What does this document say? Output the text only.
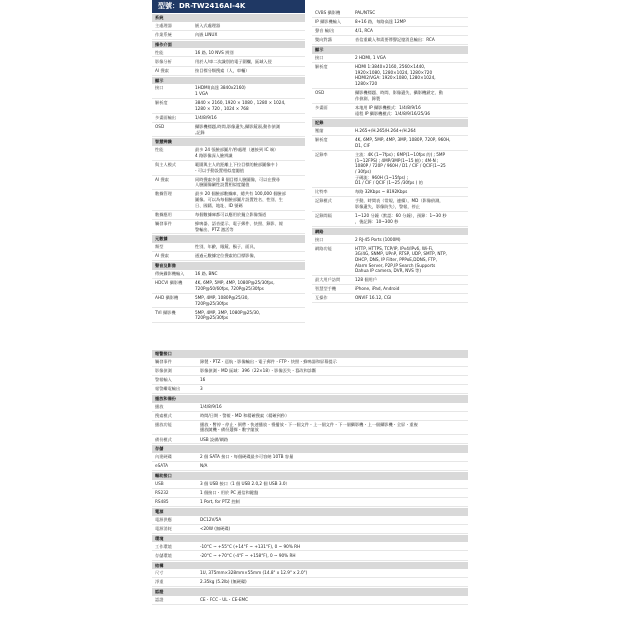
型號：DR-TW2416AI-4K
系統
主處理器	嵌入式處理器
作業系統	內嵌 LINUX
操作介面
性能	16 路, 10 NVS 辨別
影像分析	用於人/車二次識別的電子圍欄，區域入侵
AI 搜索	按目標分類搜索（人，車輛）
顯示
接口	1HDMI(高達 3840x2160)
1 VGA
解析度	3840 × 2160, 1920 × 1080 , 1280 × 1024,
1280 × 720 , 1024 × 768
多畫面輸出	1/4/8/9/16
OSD	攝影機標題,時間,影像遺失,攝影鏡頭,動作偵測
,記錄
智慧辨識
性能	最多 24 張臉部圖片/秒處理（連接到 IC 端）
4 路影像深入臉辨識
與主人模式	範圍與主人的距離上下拉目標的臉部圖像中 )
- 可以手動設置相似度閾值
AI 搜索	同時搜索多達 8 個目標人臉圖像，可以在搜尋
人臉圖像屬性設置相似度閾值
數據管理	最多 20 個臉部數據庫，總共有 100,000 個臉部
圖像。可以為每個臉部圖片設置姓名、性別、生
日、國籍、地址、ID 號碼
數據應用	每個數據庫都可以應用於獨立影像頻道
觸發事件	蜂鳴器、語音提示、電子郵件、快照、錄影、報
警輸出、PTZ 激活等
元數據
類型	性別，年齡，眼鏡，鬍子，面具，
AI 搜索	通過元數據定位搜索的目標影像，
聲音及影像
傳統攝影機輸入	16 路, BNC
HDCVI 攝影機	4K, 6MP, 5MP, 4MP, 1080P@25/30fps,
720P@50/60fps, 720P@25/30fps
AHD 攝影機	5MP, 4MP, 1080P@25/30,
720P@25/30fps
TVI 攝影機	5MP, 4MP, 3MP, 1080P@25/30,
720P@25/30fps
CVBS 攝影機	PAL/NTSC
IP 攝影機輸入	8+16 路，每路高達 12MP
聲音 輸/出	4/1, RCA
雙向對講	音信重載入和需要傳聲記憶消息輸出：RCA
顯示
接口	2 HDMI, 1 VGA
解析度	HDMI 1:3840×2160, 2560×1440,
1920×1080, 1280×1024, 1280×720
HDMI2/VGA: 1920×1080, 1280×1024,
1280×720
OSD	攝影機標題、時間、影像遺失、攝影機鎖定、動
作偵測、錄製
多畫面	本地用 IP 攝影機模式：1/4/8/9/16
遠程 IP 攝影機模式：1/4/8/9/16/25/36
記錄
壓縮	H.265+/H.265/H.264+/H.264
解析度	4K, 6MP, 5MP, 4MP, 3MP, 1080P, 720P, 960H,
D1, CIF
記錄率	主流：4K (1~7fps) ; 6MP(1~10fps 的) ; 5MP
(1~12FPS) ; 4MP/3MP(1~15 幀) ; 4M-N ;
1080P / 720P / 960H / D1 / CIF / QCIF(1~25
/ 30fps)
子碼流：960H (1~15fps) ;
D1 / CIF / QCIF (1~25 /30fps ) 的
比特率	每路 32Kbps ~ 8192Kbps
記錄模式	手動，時間表（常規，連續），MD（影像偵測，
影像遺失，影像防失），警報，停止
記錄間隔	1~120 分鐘（默認：60 分鐘），預錄：1~30 秒
，後記錄：10~300 秒
網路
接口	2 RJ-45 Ports (1000M)
網路功能	HTTP, HTTPS, TCP/IP, IPv4/IPv6, Wi-Fi,
3G/4G, SNMP, UPnP, RTSP, UDP, SMTP, NTP,
DHCP, DNS, IP Filter, PPPoE,DDNS, FTP,
Alarm Server, P2P,IP Search (Supports
Dahua IP camera, DVR, NVS 等)
最大用戶訪問	128 個用戶
智慧型手機	iPhone, iPad, Android
互操作	ONVIF 16.12, CGI
報警接口
觸發事件	錄製・PTZ・巡航・影像輸出・電子郵件・FTP・快照・蜂鳴器和屏幕提示
影像偵測	影像偵測・MD 區域：396（22×18）・影像丟失・篡改和診斷
警報輸入	16
報警繼電輸出	3
播放和備份
播放	1/4/8/9/16
搜索模式	時間/日期・警報・MD 和精確搜索（精確到秒）
播放功能	播放・暫停・停止・倒帶・快速播放・慢播放・下一個文件・上一個文件・下一個攝影機・上一個攝影機・全屏・重複
播放隨機・備份選擇・數字縮放
備份模式	USB 設備/網路
存儲
內建硬碟	2 個 SATA 接口・每個硬碟最多可容納 10TB 容量
eSATA	N/A
輔助接口
USB	3 個 USB 接口（1 個 USB 2.0,2 個 USB 3.0）
RS232	1 個接口・用於 PC 通信和鍵盤
RS485	1 Port, for PTZ 控制
電源
電源供應	DC12V/5A
電源消耗	<20W (無硬碟)
環境
工作環境	-10°C ~ +55°C (+14°F ~ +131°F), 0 ~ 90% RH
存儲環境	-20°C ~ +70°C (-4°F ~ +158°F), 0 ~ 90% RH
結構
尺寸	1U, 375mm×328mm×55mm (14.8" x 12.9" x 2.0")
淨重	2.35kg (5.2lb) (無硬碟)
認證
認證	CE・FCC・UL・CE-EMC
